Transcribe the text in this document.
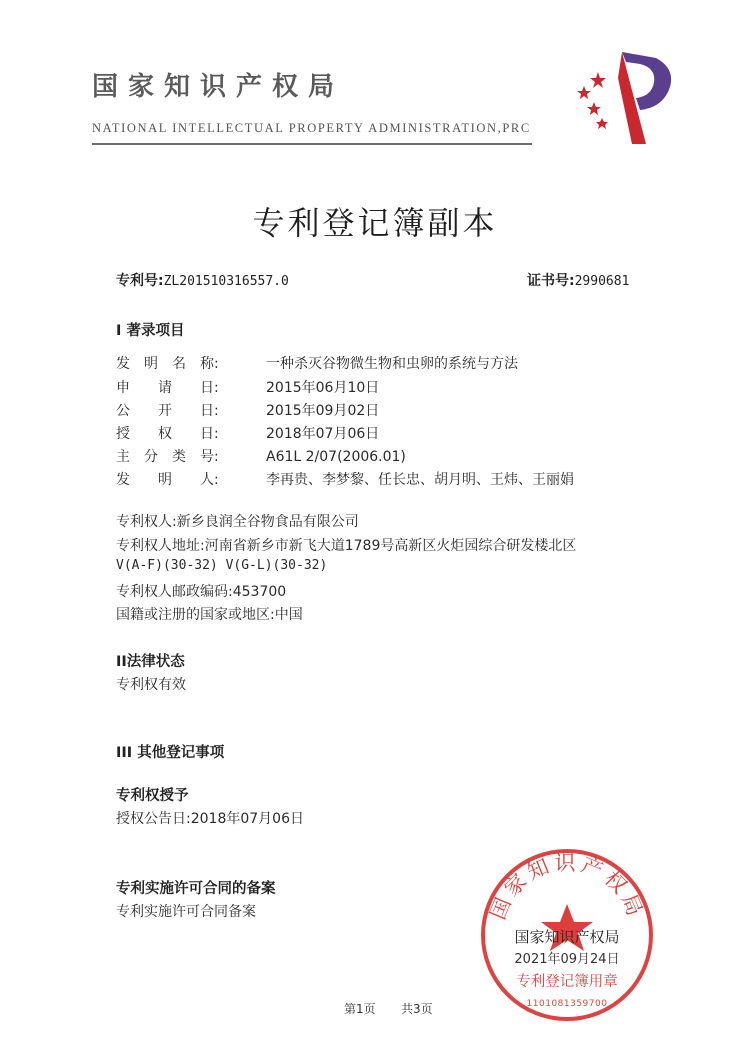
国家知识产权局
NATIONAL INTELLECTUAL PROPERTY ADMINISTRATION,PRC
专利登记簿副本
专利号:ZL201510316557.0	证书号:2990681
I 著录项目
发　明　名　称:	一种杀灭谷物微生物和虫卵的系统与方法
申　　请　　日:	2015年06月10日
公　　开　　日:	2015年09月02日
授　　权　　日:	2018年07月06日
主　分　类　号:	A61L 2/07(2006.01)
发　　明　　人:	李再贵、李梦黎、任长忠、胡月明、王炜、王丽娟
专利权人:新乡良润全谷物食品有限公司
专利权人地址:河南省新乡市新飞大道1789号高新区火炬园综合研发楼北区
V(A-F)(30-32) V(G-L)(30-32)
专利权人邮政编码:453700
国籍或注册的国家或地区:中国
II法律状态
专利权有效
III 其他登记事项
专利权授予
授权公告日:2018年07月06日
专利实施许可合同的备案
专利实施许可合同备案	国家知识产权局
国家知识产权局
2021年09月24日
专利登记簿用章
1101081359700
第1页 共3页
